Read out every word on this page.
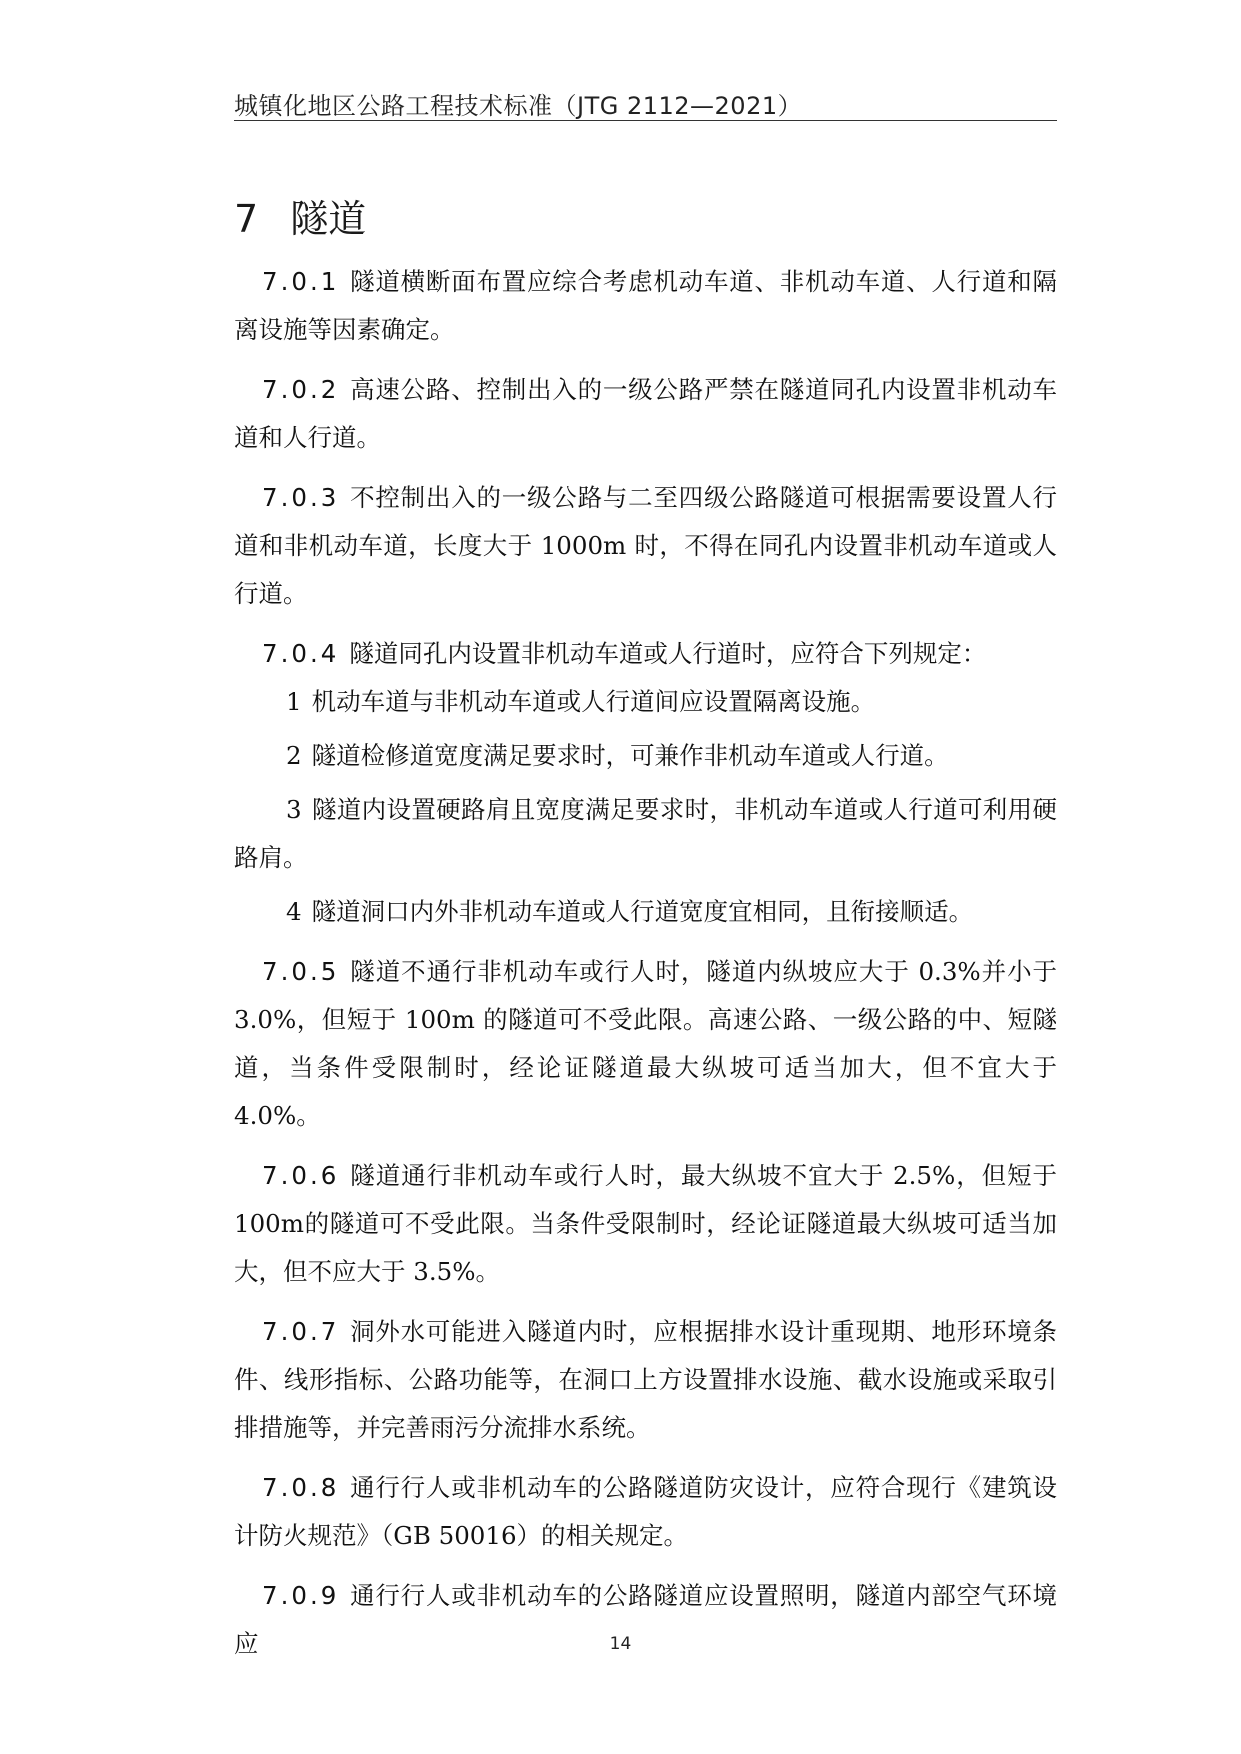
城镇化地区公路工程技术标准（JTG 2112—2021）
7 隧道

7.0.1 隧道横断面布置应综合考虑机动车道、非机动车道、人行道和隔离设施等因素确定。

7.0.2 高速公路、控制出入的一级公路严禁在隧道同孔内设置非机动车道和人行道。

7.0.3 不控制出入的一级公路与二至四级公路隧道可根据需要设置人行道和非机动车道，长度大于 1000m 时，不得在同孔内设置非机动车道或人行道。

7.0.4 隧道同孔内设置非机动车道或人行道时，应符合下列规定：

1 机动车道与非机动车道或人行道间应设置隔离设施。

2 隧道检修道宽度满足要求时，可兼作非机动车道或人行道。

3 隧道内设置硬路肩且宽度满足要求时，非机动车道或人行道可利用硬路肩。

4 隧道洞口内外非机动车道或人行道宽度宜相同，且衔接顺适。

7.0.5 隧道不通行非机动车或行人时，隧道内纵坡应大于 0.3%并小于3.0%，但短于 100m 的隧道可不受此限。高速公路、一级公路的中、短隧道，当条件受限制时，经论证隧道最大纵坡可适当加大，但不宜大于 4.0%。

7.0.6 隧道通行非机动车或行人时，最大纵坡不宜大于 2.5%，但短于 100m的隧道可不受此限。当条件受限制时，经论证隧道最大纵坡可适当加大，但不应大于 3.5%。

7.0.7 洞外水可能进入隧道内时，应根据排水设计重现期、地形环境条件、线形指标、公路功能等，在洞口上方设置排水设施、截水设施或采取引排措施等，并完善雨污分流排水系统。

7.0.8 通行行人或非机动车的公路隧道防灾设计，应符合现行《建筑设计防火规范》（GB 50016）的相关规定。

7.0.9 通行行人或非机动车的公路隧道应设置照明，隧道内部空气环境应	14
